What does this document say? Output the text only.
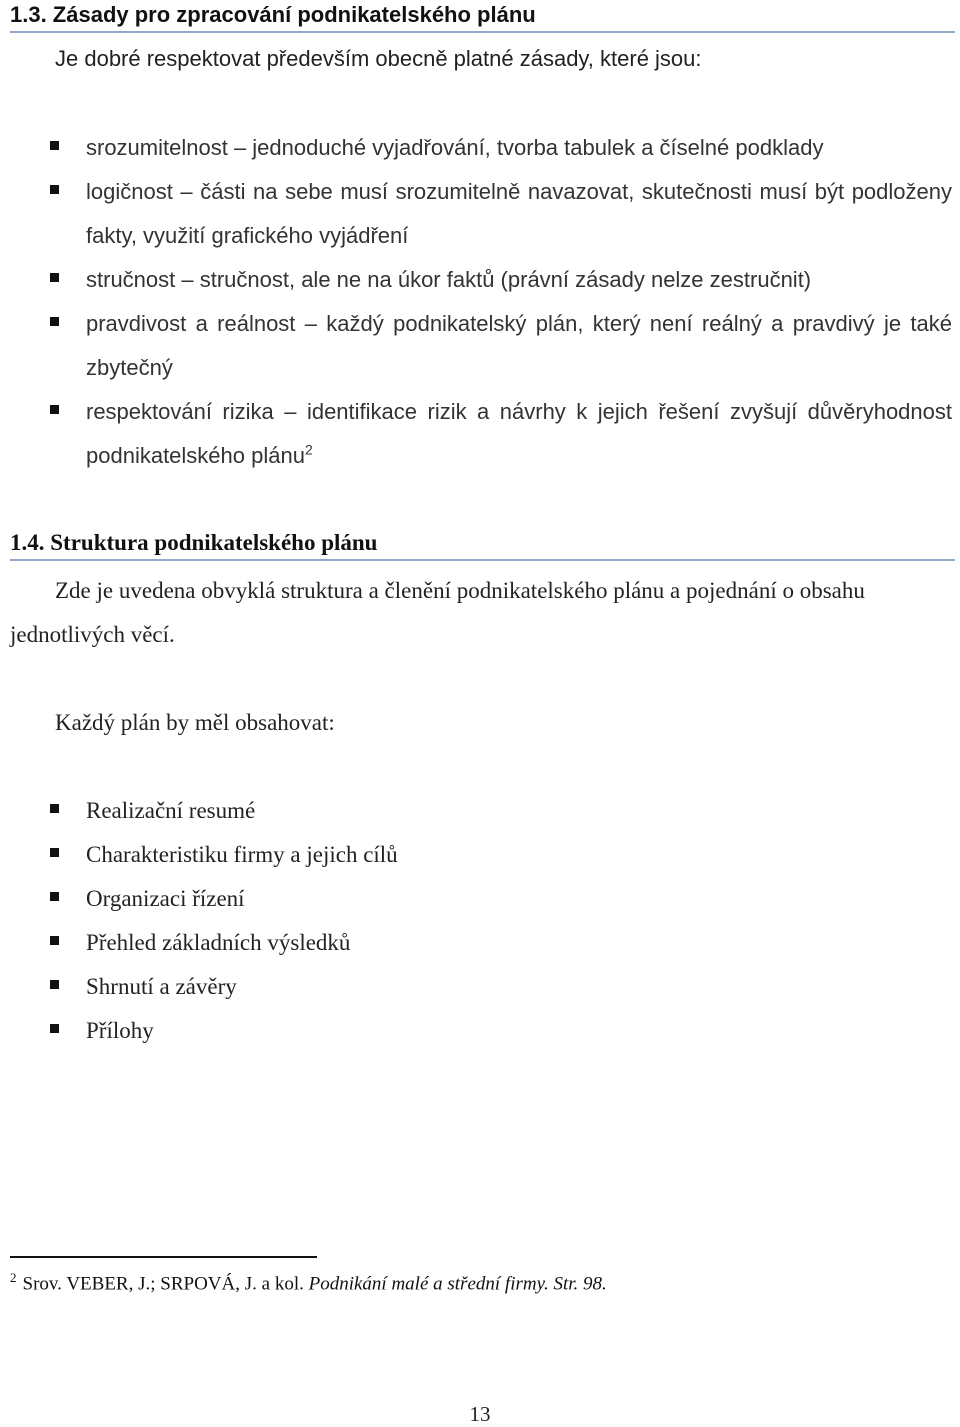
1.3. Zásady pro zpracování podnikatelského plánu

Je dobré respektovat především obecně platné zásady, které jsou:

srozumitelnost – jednoduché vyjadřování, tvorba tabulek a číselné podklady
logičnost – části na sebe musí srozumitelně navazovat, skutečnosti musí být podloženy fakty, využití grafického vyjádření
stručnost – stručnost, ale ne na úkor faktů (právní zásady nelze zestručnit)
pravdivost a reálnost – každý podnikatelský plán, který není reálný a pravdivý je také zbytečný
respektování rizika – identifikace rizik a návrhy k jejich řešení zvyšují důvěryhodnost podnikatelského plánu$^2$
1.4. Struktura podnikatelského plánu

Zde je uvedena obvyklá struktura a členění podnikatelského plánu a pojednání o obsahu jednotlivých věcí.

Každý plán by měl obsahovat:

Realizační resumé
Charakteristiku firmy a jejich cílů
Organizaci řízení
Přehled základních výsledků
Shrnutí a závěry
Přílohy
$^2$ Srov. VEBER, J.; SRPOVÁ, J. a kol. Podnikání malé a střední firmy. Str. 98.
13
